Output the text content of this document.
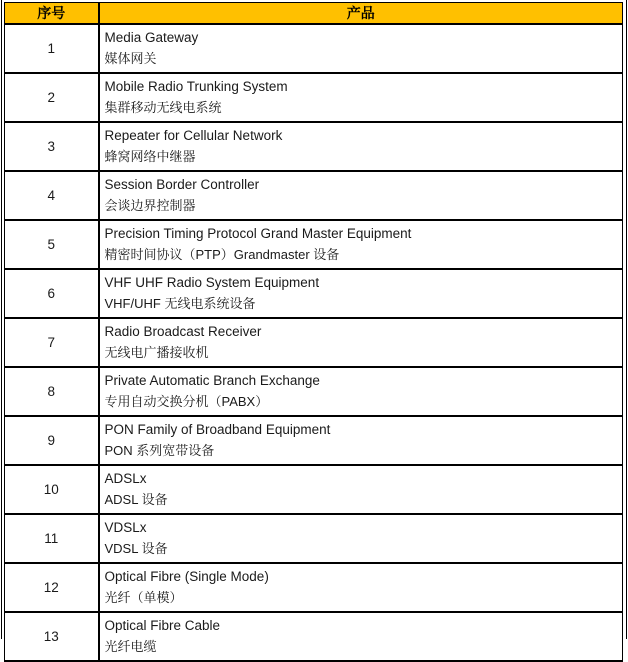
序号	产品
1	Media Gateway
媒体网关

2	Mobile Radio Trunking System
集群移动无线电系统

3	Repeater for Cellular Network
蜂窝网络中继器

4	Session Border Controller
会谈边界控制器

5	Precision Timing Protocol Grand Master Equipment
精密时间协议（PTP）Grandmaster 设备

6	VHF UHF Radio System Equipment
VHF/UHF 无线电系统设备

7	Radio Broadcast Receiver
无线电广播接收机

8	Private Automatic Branch Exchange
专用自动交换分机（PABX）

9	PON Family of Broadband Equipment
PON 系列宽带设备

10	ADSLx
ADSL 设备

11	VDSLx
VDSL 设备

12	Optical Fibre (Single Mode)
光纤（单模）

13	Optical Fibre Cable
光纤电缆
